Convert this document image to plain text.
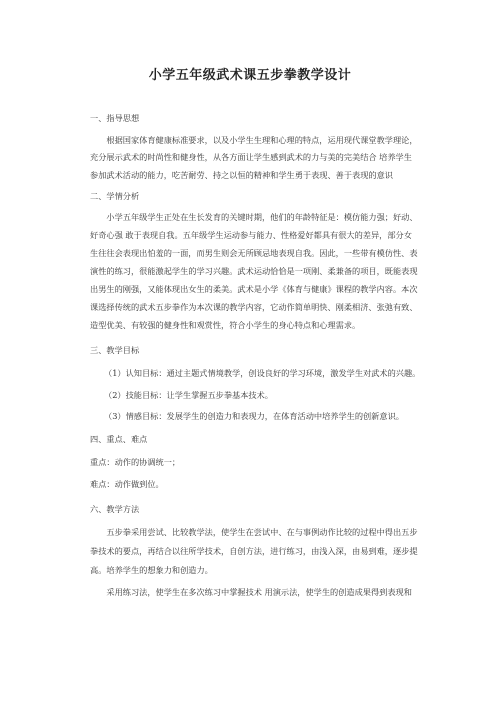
小学五年级武术课五步拳教学设计
一、指导思想
根据国家体育健康标准要求，以及小学生生理和心理的特点，运用现代课堂教学理论，
充分展示武术的时尚性和健身性，从各方面让学生感到武术的力与美的完美结合 培养学生
参加武术活动的能力，吃苦耐劳、持之以恒的精神和学生勇于表现、善于表现的意识
二、学情分析
小学五年级学生正处在生长发育的关键时期，他们的年龄特征是：模仿能力强；好动、
好奇心强 敢于表现自我。五年级学生运动参与能力、性格爱好都具有很大的差异，部分女
生往往会表现出怕羞的一面，而男生则会无所顾忌地表现自我。因此，一些带有模仿性、表
演性的练习，很能激起学生的学习兴趣。武术运动恰恰是一项刚、柔兼备的项目，既能表现
出男生的刚强，又能体现出女生的柔美。武术是小学《体育与健康》课程的教学内容。本次
课选择传统的武术五步拳作为本次课的教学内容，它动作简单明快、刚柔相济、张弛有致、
造型优美、有较强的健身性和观赏性，符合小学生的身心特点和心理需求。
三、教学目标
（1）认知目标：通过主题式情境教学，创设良好的学习环境，激发学生对武术的兴趣。
（2）技能目标：让学生掌握五步拳基本技术。
（3）情感目标：发展学生的创造力和表现力，在体育活动中培养学生的创新意识。
四、重点、难点
重点：动作的协调统一；
难点：动作做到位。
六、教学方法
五步拳采用尝试、比较教学法，使学生在尝试中、在与事例动作比较的过程中得出五步
拳技术的要点，再结合以往所学技术，自创方法，进行练习，由浅入深，由易到难，逐步提
高。培养学生的想象力和创造力。
采用练习法，使学生在多次练习中掌握技术 用演示法，使学生的创造成果得到表现和
